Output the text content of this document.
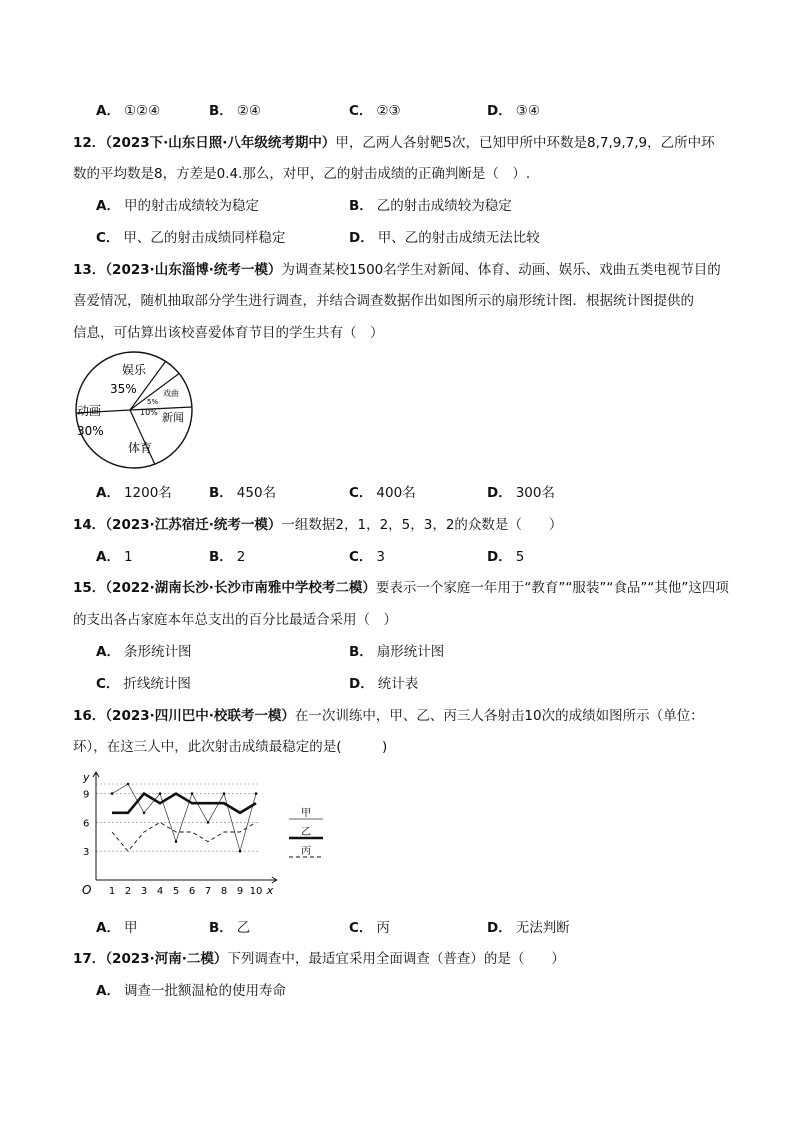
A． ①②④	B． ②④	C． ②③	D． ③④
12．（2023下·山东日照·八年级统考期中）甲，乙两人各射靶5次，已知甲所中环数是8,7,9,7,9，乙所中环
数的平均数是8，方差是0.4.那么，对甲，乙的射击成绩的正确判断是（　）.
A． 甲的射击成绩较为稳定	B． 乙的射击成绩较为稳定
C． 甲、乙的射击成绩同样稳定	D． 甲、乙的射击成绩无法比较
13．（2023·山东淄博·统考一模）为调查某校1500名学生对新闻、体育、动画、娱乐、戏曲五类电视节目的
喜爱情况，随机抽取部分学生进行调查，并结合调查数据作出如图所示的扇形统计图．根据统计图提供的
信息，可估算出该校喜爱体育节目的学生共有（　）
娱乐
35%
动画
30%
体育
新闻
10%
戏曲
5%
A． 1200名	B． 450名	C． 400名	D． 300名
14．（2023·江苏宿迁·统考一模）一组数据2，1，2，5，3，2的众数是（　　）
A． 1	B． 2	C． 3	D． 5
15．（2022·湖南长沙·长沙市南雅中学校考二模）要表示一个家庭一年用于“教育”“服装”“食品”“其他”这四项
的支出各占家庭本年总支出的百分比最适合采用（　）
A． 条形统计图	B． 扇形统计图
C． 折线统计图	D． 统计表
16．（2023·四川巴中·校联考一模）在一次训练中，甲、乙、丙三人各射击10次的成绩如图所示（单位：
环），在这三人中，此次射击成绩最稳定的是(　　　)
y
x
O
3
6
9
1 2 3 4 5 6 7 8 9 10
甲
乙
丙
A． 甲	B． 乙	C． 丙	D． 无法判断
17．（2023·河南·二模）下列调查中，最适宜采用全面调查（普查）的是（　　）
A． 调查一批额温枪的使用寿命
